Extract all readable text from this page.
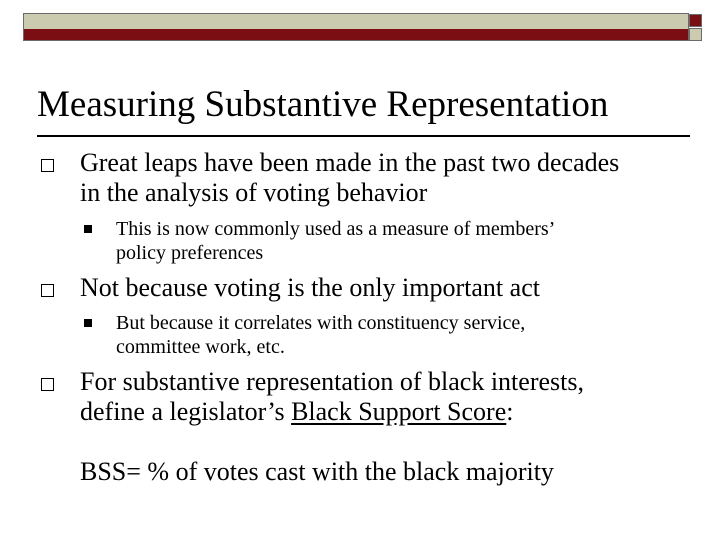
Measuring Substantive Representation
Great leaps have been made in the past two decades
in the analysis of voting behavior
This is now commonly used as a measure of members’
policy preferences
Not because voting is the only important act
But because it correlates with constituency service,
committee work, etc.
For substantive representation of black interests,
define a legislator’s Black Support Score:
BSS= % of votes cast with the black majority
